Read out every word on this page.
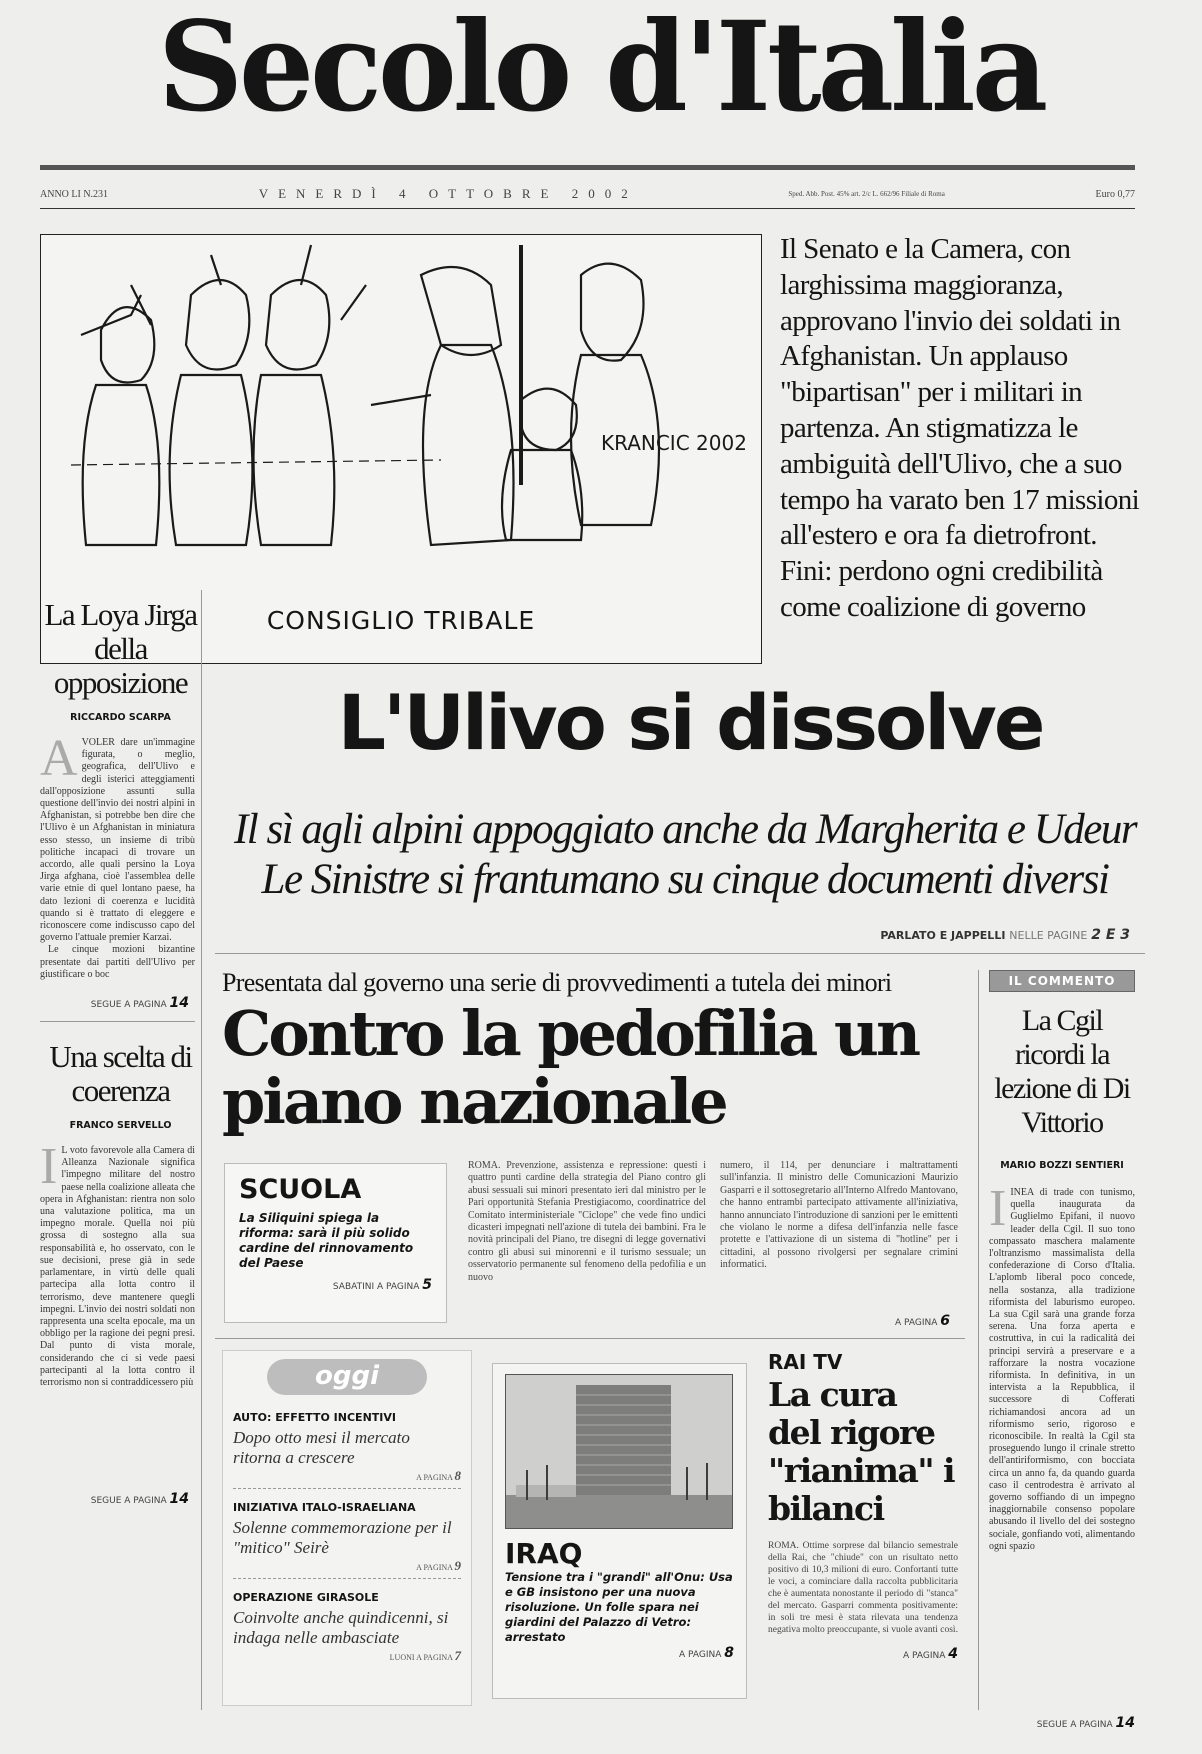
Secolo d'Italia
ANNO LI N.231	VENERDÌ 4 OTTOBRE 2002	Sped. Abb. Post. 45% art. 2/c L. 662/96 Filiale di Roma	Euro 0,77
KRANCIC 2002
CONSIGLIO TRIBALE
Il Senato e la Camera, con larghissima maggioranza, approvano l'invio dei soldati in Afghanistan. Un applauso "bipartisan" per i militari in partenza. An stigmatizza le ambiguità dell'Ulivo, che a suo tempo ha varato ben 17 missioni all'estero e ora fa dietrofront. Fini: perdono ogni credibilità come coalizione di governo
La Loya Jirga della opposizione
RICCARDO SCARPA
A VOLER dare un'immagine figurata, o meglio, geografica, dell'Ulivo e degli isterici atteggiamenti dall'opposizione assunti sulla questione dell'invio dei nostri alpini in Afghanistan, si potrebbe ben dire che l'Ulivo è un Afghanistan in miniatura esso stesso, un insieme di tribù politiche incapaci di trovare un accordo, alle quali persino la Loya Jirga afghana, cioè l'assemblea delle varie etnie di quel lontano paese, ha dato lezioni di coerenza e lucidità quando si è trattato di eleggere e riconoscere come indiscusso capo del governo l'attuale premier Karzai.

Le cinque mozioni bizantine presentate dai partiti dell'Ulivo per giustificare o boc

SEGUE A PAGINA 14
Una scelta di coerenza
FRANCO SERVELLO
I L voto favorevole alla Camera di Alleanza Nazionale significa l'impegno militare del nostro paese nella coalizione alleata che opera in Afghanistan: rientra non solo una valutazione politica, ma un impegno morale. Quella noi più grossa di sostegno alla sua responsabilità e, ho osservato, con le sue decisioni, prese già in sede parlamentare, in virtù delle quali partecipa alla lotta contro il terrorismo, deve mantenere quegli impegni. L'invio dei nostri soldati non rappresenta una scelta epocale, ma un obbligo per la ragione dei pegni presi. Dal punto di vista morale, considerando che ci si vede paesi partecipanti al la lotta contro il terrorismo non si contraddicessero più
SEGUE A PAGINA 14
L'Ulivo si dissolve
Il sì agli alpini appoggiato anche da Margherita e Udeur
Le Sinistre si frantumano su cinque documenti diversi
PARLATO E JAPPELLI NELLE PAGINE 2 E 3
Presentata dal governo una serie di provvedimenti a tutela dei minori
Contro la pedofilia un piano nazionale
SCUOLA
La Siliquini spiega la riforma: sarà il più solido cardine del rinnovamento del Paese
SABATINI A PAGINA 5
ROMA. Prevenzione, assistenza e repressione: questi i quattro punti cardine della strategia del Piano contro gli abusi sessuali sui minori presentato ieri dal ministro per le Pari opportunità Stefania Prestigiacomo, coordinatrice del Comitato interministeriale "Ciclope" che vede fino undici dicasteri impegnati nell'azione di tutela dei bambini. Fra le novità principali del Piano, tre disegni di legge governativi contro gli abusi sui minorenni e il turismo sessuale; un osservatorio permanente sul fenomeno della pedofilia e un nuovo
numero, il 114, per denunciare i maltrattamenti sull'infanzia. Il ministro delle Comunicazioni Maurizio Gasparri e il sottosegretario all'Interno Alfredo Mantovano, che hanno entrambi partecipato attivamente all'iniziativa, hanno annunciato l'introduzione di sanzioni per le emittenti che violano le norme a difesa dell'infanzia nelle fasce protette e l'attivazione di un sistema di "hotline" per i cittadini, al possono rivolgersi per segnalare crimini informatici.
A PAGINA 6
oggi
AUTO: EFFETTO INCENTIVI
Dopo otto mesi il mercato ritorna a crescere
A PAGINA 8
INIZIATIVA ITALO-ISRAELIANA
Solenne commemorazione per il "mitico" Seirè
A PAGINA 9
OPERAZIONE GIRASOLE
Coinvolte anche quindicenni, si indaga nelle ambasciate
LUONI A PAGINA 7
IRAQ
Tensione tra i "grandi" all'Onu: Usa e GB insistono per una nuova risoluzione. Un folle spara nei giardini del Palazzo di Vetro: arrestato
A PAGINA 8
RAI TV
La cura del rigore "rianima" i bilanci
ROMA. Ottime sorprese dal bilancio semestrale della Rai, che "chiude" con un risultato netto positivo di 10,3 milioni di euro. Confortanti tutte le voci, a cominciare dalla raccolta pubblicitaria che è aumentata nonostante il periodo di "stanca" del mercato. Gasparri commenta positivamente: in soli tre mesi è stata rilevata una tendenza negativa molto preoccupante, si vuole avanti così.
A PAGINA 4
IL COMMENTO
La Cgil ricordi la lezione di Di Vittorio
MARIO BOZZI SENTIERI
I INEA di trade con tunismo, quella inaugurata da Guglielmo Epifani, il nuovo leader della Cgil. Il suo tono compassato maschera malamente l'oltranzismo massimalista della confederazione di Corso d'Italia. L'aplomb liberal poco concede, nella sostanza, alla tradizione riformista del laburismo europeo. La sua Cgil sarà una grande forza serena. Una forza aperta e costruttiva, in cui la radicalità dei principi servirà a preservare e a rafforzare la nostra vocazione riformista. In definitiva, in un intervista a la Repubblica, il successore di Cofferati richiamandosi ancora ad un riformismo serio, rigoroso e riconoscibile. In realtà la Cgil sta proseguendo lungo il crinale stretto dell'antiriformismo, con bocciata circa un anno fa, da quando guarda caso il centrodestra è arrivato al governo soffiando di un impegno inaggiornabile consenso popolare abusando il livello del dei sostegno sociale, gonfiando voti, alimentando ogni spazio
SEGUE A PAGINA 14
